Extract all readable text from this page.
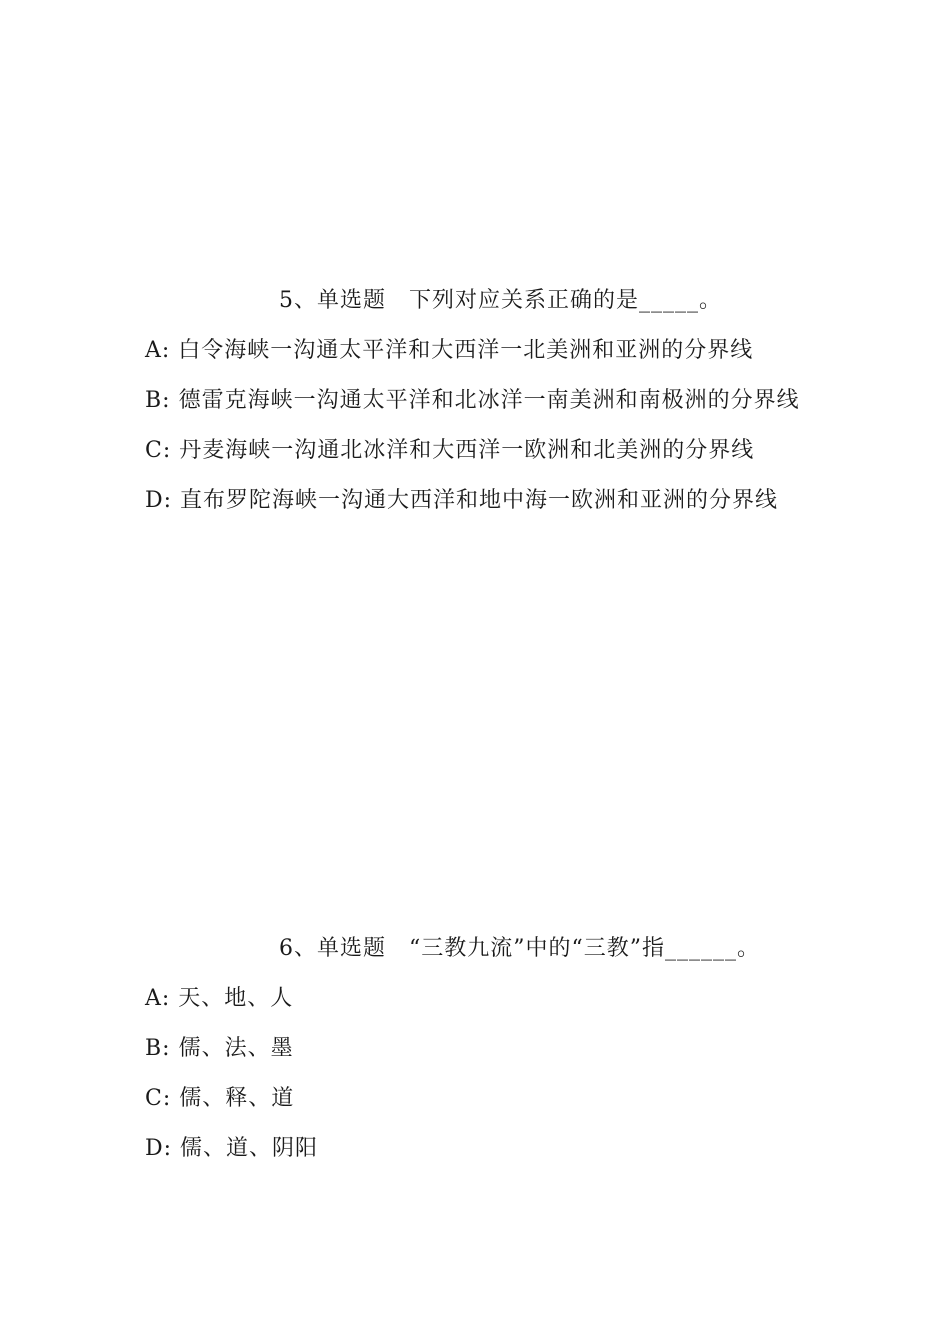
5、单选题　下列对应关系正确的是_____。

A: 白令海峡一沟通太平洋和大西洋一北美洲和亚洲的分界线

B: 德雷克海峡一沟通太平洋和北冰洋一南美洲和南极洲的分界线

C: 丹麦海峡一沟通北冰洋和大西洋一欧洲和北美洲的分界线

D: 直布罗陀海峡一沟通大西洋和地中海一欧洲和亚洲的分界线

6、单选题　“三教九流”中的“三教”指______。

A: 天、地、人

B: 儒、法、墨

C: 儒、释、道

D: 儒、道、阴阳
